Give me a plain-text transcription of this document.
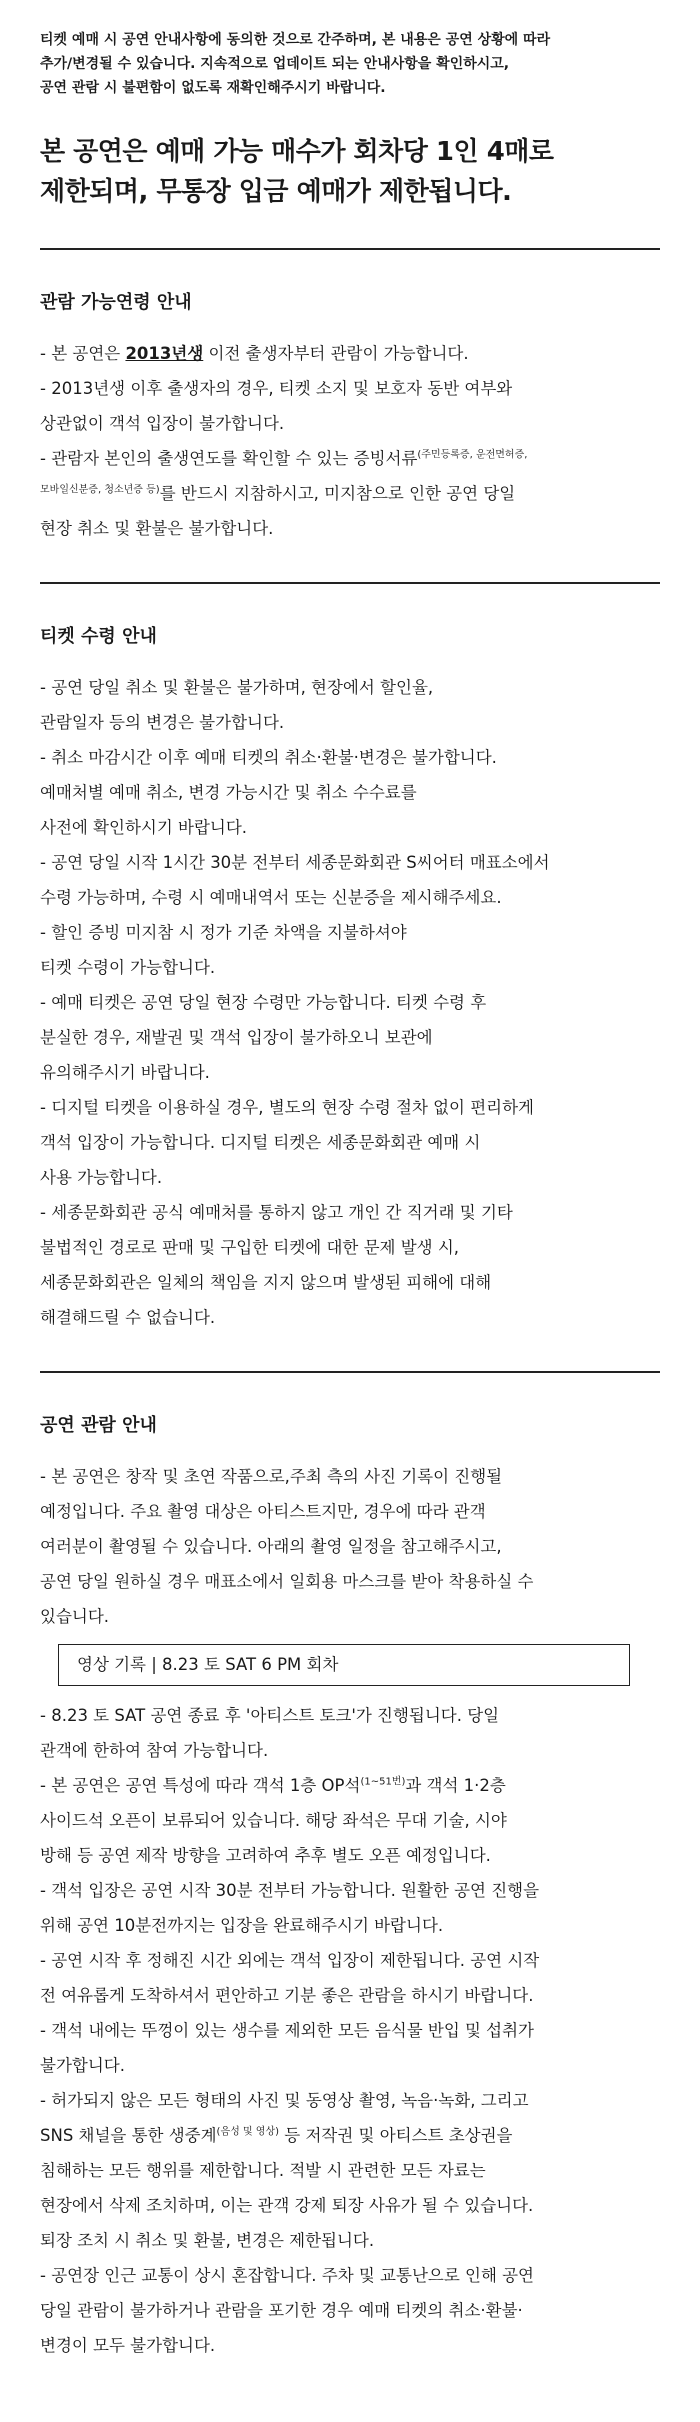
티켓 예매 시 공연 안내사항에 동의한 것으로 간주하며, 본 내용은 공연 상황에 따라
추가/변경될 수 있습니다. 지속적으로 업데이트 되는 안내사항을 확인하시고,
공연 관람 시 불편함이 없도록 재확인해주시기 바랍니다.
본 공연은 예매 가능 매수가 회차당 1인 4매로
제한되며, 무통장 입금 예매가 제한됩니다.
관람 가능연령 안내
- 본 공연은 2013년생 이전 출생자부터 관람이 가능합니다.
- 2013년생 이후 출생자의 경우, 티켓 소지 및 보호자 동반 여부와
상관없이 객석 입장이 불가합니다.
- 관람자 본인의 출생연도를 확인할 수 있는 증빙서류$^{(주민등록증, 운전면허증,}$
$^{모바일신분증, 청소년증 등)}$를 반드시 지참하시고, 미지참으로 인한 공연 당일
현장 취소 및 환불은 불가합니다.
티켓 수령 안내
- 공연 당일 취소 및 환불은 불가하며, 현장에서 할인율,
관람일자 등의 변경은 불가합니다.
- 취소 마감시간 이후 예매 티켓의 취소·환불·변경은 불가합니다.
예매처별 예매 취소, 변경 가능시간 및 취소 수수료를
사전에 확인하시기 바랍니다.
- 공연 당일 시작 1시간 30분 전부터 세종문화회관 S씨어터 매표소에서
수령 가능하며, 수령 시 예매내역서 또는 신분증을 제시해주세요.
- 할인 증빙 미지참 시 정가 기준 차액을 지불하셔야
티켓 수령이 가능합니다.
- 예매 티켓은 공연 당일 현장 수령만 가능합니다. 티켓 수령 후
분실한 경우, 재발권 및 객석 입장이 불가하오니 보관에
유의해주시기 바랍니다.
- 디지털 티켓을 이용하실 경우, 별도의 현장 수령 절차 없이 편리하게
객석 입장이 가능합니다. 디지털 티켓은 세종문화회관 예매 시
사용 가능합니다.
- 세종문화회관 공식 예매처를 통하지 않고 개인 간 직거래 및 기타
불법적인 경로로 판매 및 구입한 티켓에 대한 문제 발생 시,
세종문화회관은 일체의 책임을 지지 않으며 발생된 피해에 대해
해결해드릴 수 없습니다.
공연 관람 안내
- 본 공연은 창작 및 초연 작품으로,주최 측의 사진 기록이 진행될
예정입니다. 주요 촬영 대상은 아티스트지만, 경우에 따라 관객
여러분이 촬영될 수 있습니다. 아래의 촬영 일정을 참고해주시고,
공연 당일 원하실 경우 매표소에서 일회용 마스크를 받아 착용하실 수
있습니다.
영상 기록 | 8.23 토 SAT 6 PM 회차
- 8.23 토 SAT 공연 종료 후 '아티스트 토크'가 진행됩니다. 당일
관객에 한하여 참여 가능합니다.
- 본 공연은 공연 특성에 따라 객석 1층 OP석$^{(1\sim 51번)}$과 객석 1·2층
사이드석 오픈이 보류되어 있습니다. 해당 좌석은 무대 기술, 시야
방해 등 공연 제작 방향을 고려하여 추후 별도 오픈 예정입니다.
- 객석 입장은 공연 시작 30분 전부터 가능합니다. 원활한 공연 진행을
위해 공연 10분전까지는 입장을 완료해주시기 바랍니다.
- 공연 시작 후 정해진 시간 외에는 객석 입장이 제한됩니다. 공연 시작
전 여유롭게 도착하셔서 편안하고 기분 좋은 관람을 하시기 바랍니다.
- 객석 내에는 뚜껑이 있는 생수를 제외한 모든 음식물 반입 및 섭취가
불가합니다.
- 허가되지 않은 모든 형태의 사진 및 동영상 촬영, 녹음·녹화, 그리고
SNS 채널을 통한 생중계$^{(음성 및 영상)}$ 등 저작권 및 아티스트 초상권을
침해하는 모든 행위를 제한합니다. 적발 시 관련한 모든 자료는
현장에서 삭제 조치하며, 이는 관객 강제 퇴장 사유가 될 수 있습니다.
퇴장 조치 시 취소 및 환불, 변경은 제한됩니다.
- 공연장 인근 교통이 상시 혼잡합니다. 주차 및 교통난으로 인해 공연
당일 관람이 불가하거나 관람을 포기한 경우 예매 티켓의 취소·환불·
변경이 모두 불가합니다.
